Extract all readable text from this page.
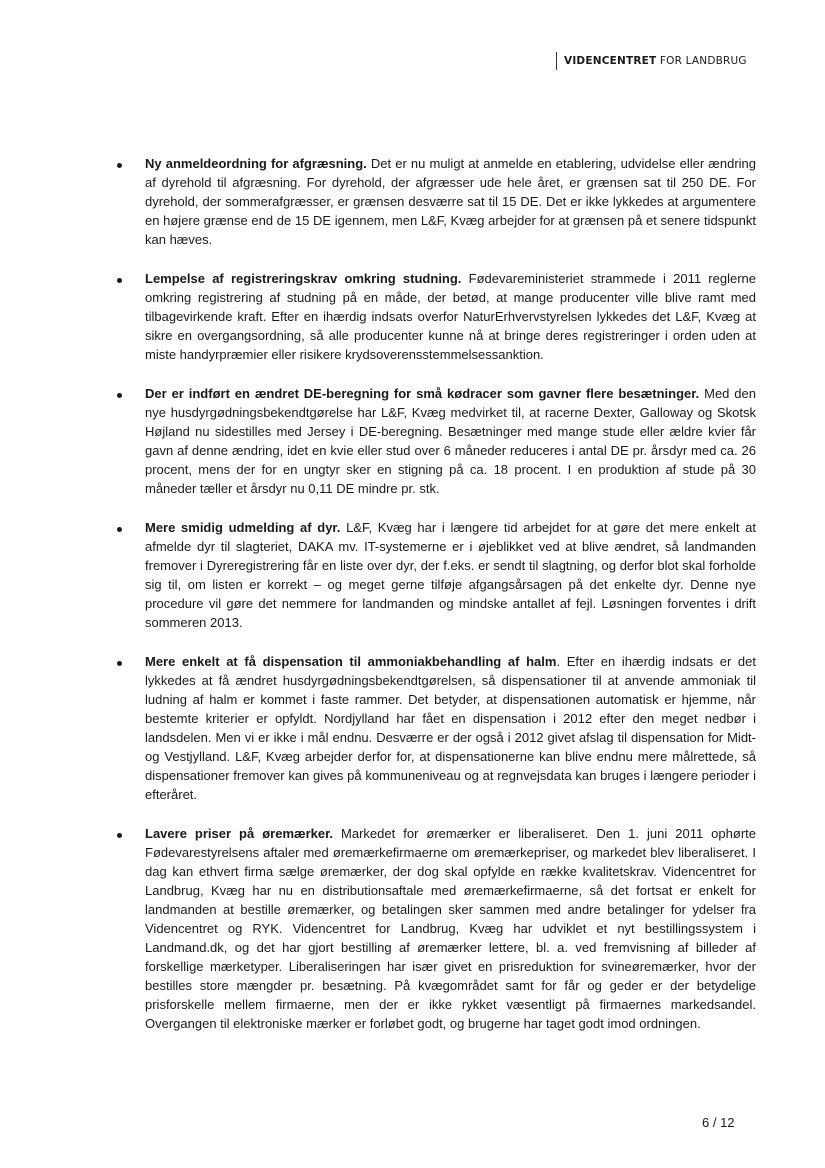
VIDENCENTRET FOR LANDBRUG

Ny anmeldeordning for afgræsning. Det er nu muligt at anmelde en etablering, udvidelse eller ændring af dyrehold til afgræsning. For dyrehold, der afgræsser ude hele året, er grænsen sat til 250 DE. For dyrehold, der sommerafgræsser, er grænsen desværre sat til 15 DE. Det er ikke lykkedes at argumentere en højere grænse end de 15 DE igennem, men L&F, Kvæg arbejder for at grænsen på et senere tidspunkt kan hæves.

Lempelse af registreringskrav omkring studning. Fødevareministeriet strammede i 2011 reglerne omkring registrering af studning på en måde, der betød, at mange producenter ville blive ramt med tilbagevirkende kraft. Efter en ihærdig indsats overfor NaturErhvervstyrelsen lykkedes det L&F, Kvæg at sikre en overgangsordning, så alle producenter kunne nå at bringe deres registreringer i orden uden at miste handyrpræmier eller risikere krydsoverensstemmelsessanktion.

Der er indført en ændret DE-beregning for små kødracer som gavner flere besætninger. Med den nye husdyrgødningsbekendtgørelse har L&F, Kvæg medvirket til, at racerne Dexter, Galloway og Skotsk Højland nu sidestilles med Jersey i DE-beregning. Besætninger med mange stude eller ældre kvier får gavn af denne ændring, idet en kvie eller stud over 6 måneder reduceres i antal DE pr. årsdyr med ca. 26 procent, mens der for en ungtyr sker en stigning på ca. 18 procent. I en produktion af stude på 30 måneder tæller et årsdyr nu 0,11 DE mindre pr. stk.

Mere smidig udmelding af dyr. L&F, Kvæg har i længere tid arbejdet for at gøre det mere enkelt at afmelde dyr til slagteriet, DAKA mv. IT-systemerne er i øjeblikket ved at blive ændret, så landmanden fremover i Dyreregistrering får en liste over dyr, der f.eks. er sendt til slagtning, og derfor blot skal forholde sig til, om listen er korrekt – og meget gerne tilføje afgangsårsagen på det enkelte dyr. Denne nye procedure vil gøre det nemmere for landmanden og mindske antallet af fejl. Løsningen forventes i drift sommeren 2013.

Mere enkelt at få dispensation til ammoniakbehandling af halm. Efter en ihærdig indsats er det lykkedes at få ændret husdyrgødningsbekendtgørelsen, så dispensationer til at anvende ammoniak til ludning af halm er kommet i faste rammer. Det betyder, at dispensationen automatisk er hjemme, når bestemte kriterier er opfyldt. Nordjylland har fået en dispensation i 2012 efter den meget nedbør i landsdelen. Men vi er ikke i mål endnu. Desværre er der også i 2012 givet afslag til dispensation for Midt- og Vestjylland. L&F, Kvæg arbejder derfor for, at dispensationerne kan blive endnu mere målrettede, så dispensationer fremover kan gives på kommuneniveau og at regnvejsdata kan bruges i længere perioder i efteråret.

Lavere priser på øremærker. Markedet for øremærker er liberaliseret. Den 1. juni 2011 ophørte Fødevarestyrelsens aftaler med øremærkefirmaerne om øremærkepriser, og markedet blev liberaliseret. I dag kan ethvert firma sælge øremærker, der dog skal opfylde en række kvalitetskrav. Videncentret for Landbrug, Kvæg har nu en distributionsaftale med øremærkefirmaerne, så det fortsat er enkelt for landmanden at bestille øremærker, og betalingen sker sammen med andre betalinger for ydelser fra Videncentret og RYK. Videncentret for Landbrug, Kvæg har udviklet et nyt bestillingssystem i Landmand.dk, og det har gjort bestilling af øremærker lettere, bl. a. ved fremvisning af billeder af forskellige mærketyper. Liberaliseringen har især givet en prisreduktion for svineøremærker, hvor der bestilles store mængder pr. besætning. På kvægområdet samt for får og geder er der betydelige prisforskelle mellem firmaerne, men der er ikke rykket væsentligt på firmaernes markedsandel. Overgangen til elektroniske mærker er forløbet godt, og brugerne har taget godt imod ordningen.

6 / 12
